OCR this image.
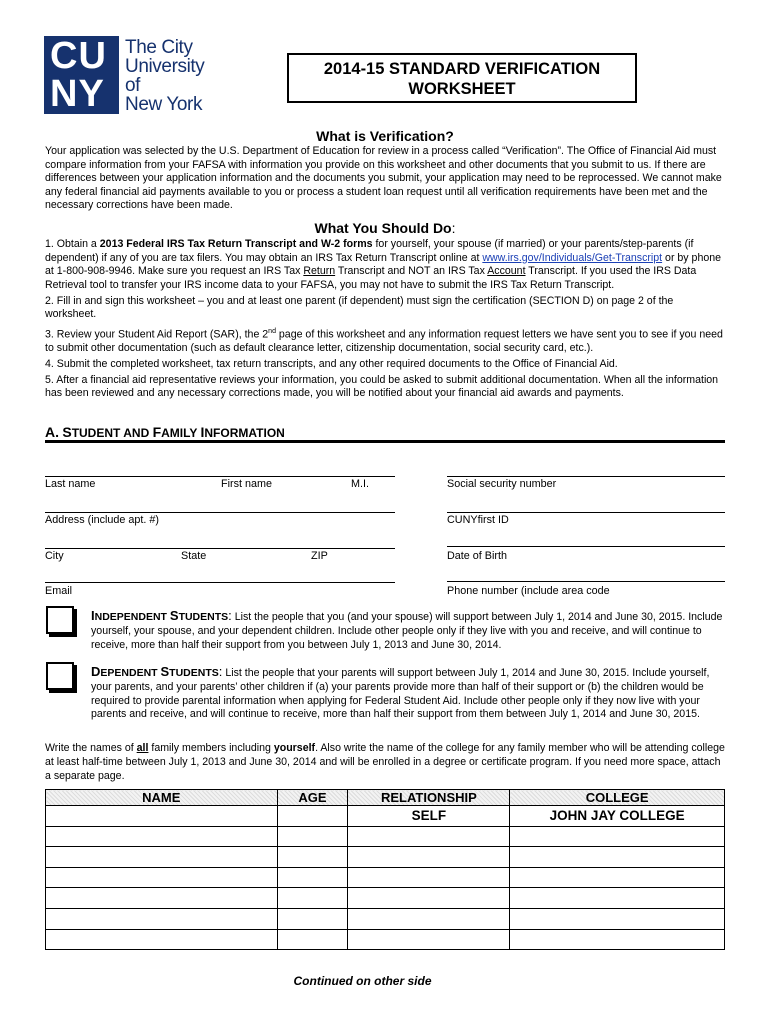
CU
NY
The City
University
of
New York
2014-15 STANDARD VERIFICATION
WORKSHEET
What is Verification?
Your application was selected by the U.S. Department of Education for review in a process called “Verification”. The Office of Financial Aid must compare information from your FAFSA with information you provide on this worksheet and other documents that you submit to us. If there are differences between your application information and the documents you submit, your application may need to be reprocessed. We cannot make any federal financial aid payments available to you or process a student loan request until all verification requirements have been met and the necessary corrections have been made.
What You Should Do:

1. Obtain a 2013 Federal IRS Tax Return Transcript and W-2 forms for yourself, your spouse (if married) or your parents/step-parents (if dependent) if any of you are tax filers. You may obtain an IRS Tax Return Transcript online at www.irs.gov/Individuals/Get-Transcript or by phone at 1-800-908-9946. Make sure you request an IRS Tax Return Transcript and NOT an IRS Tax Account Transcript. If you used the IRS Data Retrieval tool to transfer your IRS income data to your FAFSA, you may not have to submit the IRS Tax Return Transcript.

2. Fill in and sign this worksheet – you and at least one parent (if dependent) must sign the certification (SECTION D) on page 2 of the worksheet.

3. Review your Student Aid Report (SAR), the 2nd page of this worksheet and any information request letters we have sent you to see if you need to submit other documentation (such as default clearance letter, citizenship documentation, social security card, etc.).

4. Submit the completed worksheet, tax return transcripts, and any other required documents to the Office of Financial Aid.

5. After a financial aid representative reviews your information, you could be asked to submit additional documentation. When all the information has been reviewed and any necessary corrections made, you will be notified about your financial aid awards and payments.

A. STUDENT AND FAMILY INFORMATION
Last name	First name	M.I.	Social security number
Address (include apt. #)	CUNYfirst ID
City	State	ZIP	Date of Birth
Email	Phone number (include area code
INDEPENDENT STUDENTS: List the people that you (and your spouse) will support between July 1, 2014 and June 30, 2015. Include yourself, your spouse, and your dependent children. Include other people only if they live with you and receive, and will continue to receive, more than half their support from you between July 1, 2013 and June 30, 2014.
DEPENDENT STUDENTS: List the people that your parents will support between July 1, 2014 and June 30, 2015. Include yourself, your parents, and your parents’ other children if (a) your parents provide more than half of their support or (b) the children would be required to provide parental information when applying for Federal Student Aid. Include other people only if they now live with your parents and receive, and will continue to receive, more than half their support from them between July 1, 2014 and June 30, 2015.
Write the names of all family members including yourself. Also write the name of the college for any family member who will be attending college at least half-time between July 1, 2013 and June 30, 2014 and will be enrolled in a degree or certificate program. If you need more space, attach a separate page.
NAME	AGE	RELATIONSHIP	COLLEGE
		SELF	JOHN JAY COLLEGE

Continued on other side
